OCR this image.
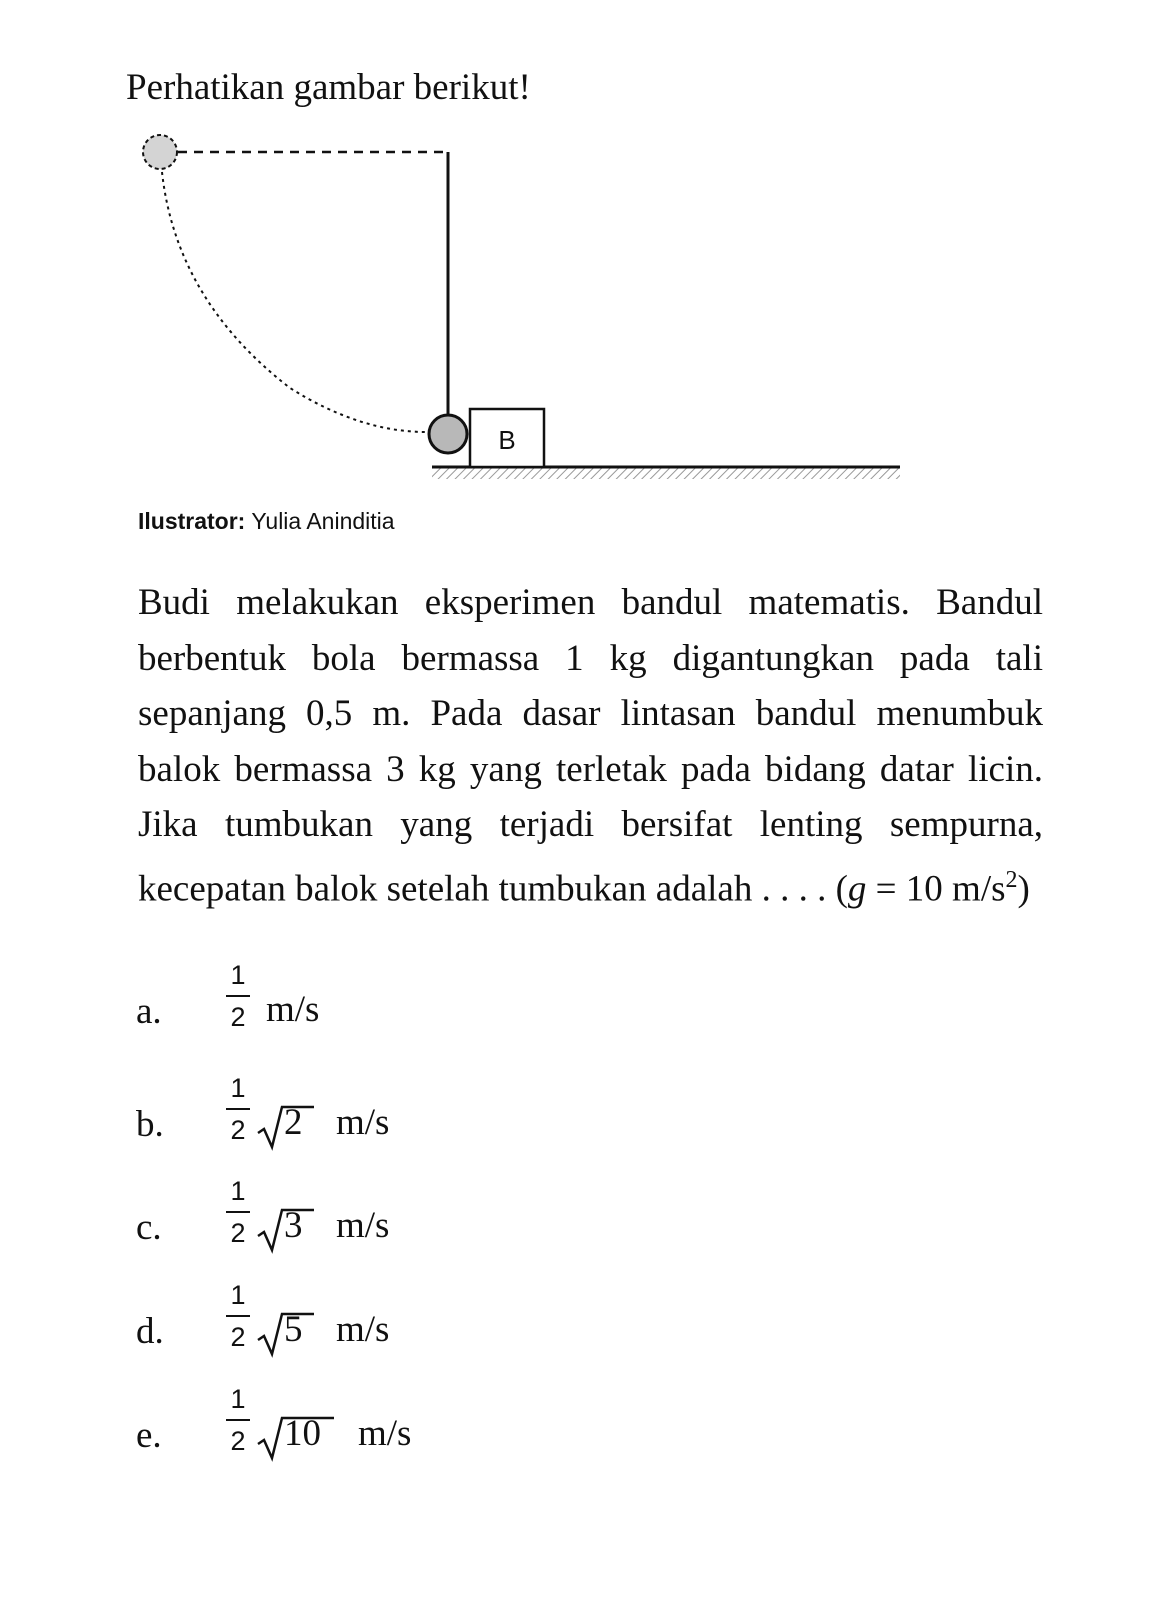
Perhatikan gambar berikut!
B
Ilustrator: Yulia Aninditia
Budi melakukan eksperimen bandul matematis. Bandul berbentuk bola bermassa 1 kg digantungkan pada tali sepanjang 0,5 m. Pada dasar lintasan bandul menumbuk balok bermassa 3 kg yang terletak pada bidang datar licin. Jika tumbukan yang terjadi bersifat lenting sempurna, kecepatan balok setelah tumbukan adalah . . . . (g = 10 $m/s^2$)
a.
1
2 m/s
b.
1
2 2 m/s
c.
1
2 3 m/s
d.
1
2 5 m/s
e.
1
2 10 m/s
